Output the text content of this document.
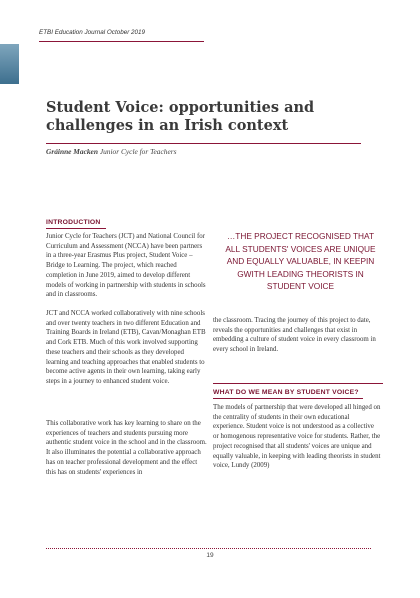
ETBI Education Journal October 2019
Student Voice: opportunities and challenges in an Irish context
Gráinne Macken Junior Cycle for Teachers
INTRODUCTION

Junior Cycle for Teachers (JCT) and National Council for Curriculum and Assessment (NCCA) have been partners in a three-year Erasmus Plus project, Student Voice – Bridge to Learning. The project, which reached completion in June 2019, aimed to develop different models of working in partnership with students in schools and in classrooms.

JCT and NCCA worked collaboratively with nine schools and over twenty teachers in two different Education and Training Boards in Ireland (ETB), Cavan/Monaghan ETB and Cork ETB. Much of this work involved supporting these teachers and their schools as they developed learning and teaching approaches that enabled students to become active agents in their own learning, taking early steps in a journey to enhanced student voice.

This collaborative work has key learning to share on the experiences of teachers and students pursuing more authentic student voice in the school and in the classroom. It also illuminates the potential a collaborative approach has on teacher professional development and the effect this has on students' experiences in

…THE PROJECT RECOGNISED THAT ALL STUDENTS' VOICES ARE UNIQUE AND EQUALLY VALUABLE, IN KEEPIN GWITH LEADING THEORISTS IN STUDENT VOICE

the classroom. Tracing the journey of this project to date, reveals the opportunities and challenges that exist in embedding a culture of student voice in every classroom in every school in Ireland.

WHAT DO WE MEAN BY STUDENT VOICE?

The models of partnership that were developed all hinged on the centrality of students in their own educational experience. Student voice is not understood as a collective or homogenous representative voice for students. Rather, the project recognised that all students' voices are unique and equally valuable, in keeping with leading theorists in student voice, Lundy (2009)

19
